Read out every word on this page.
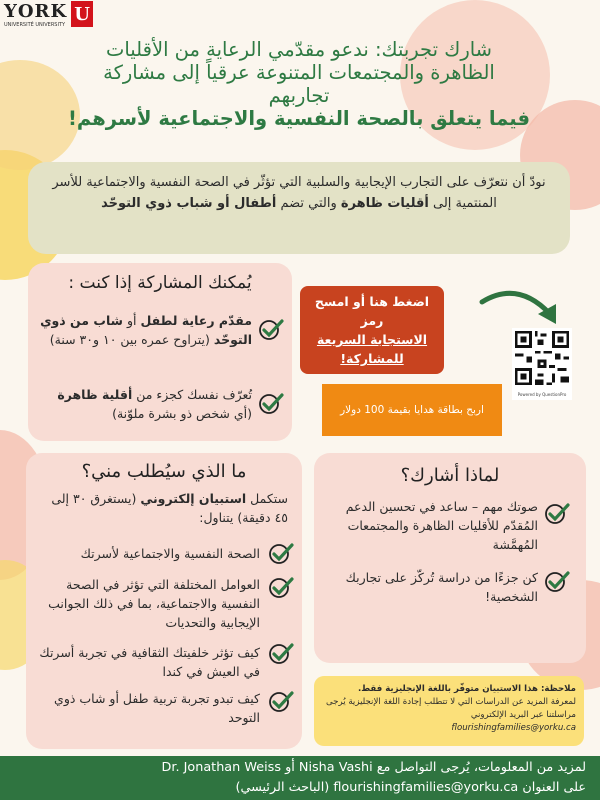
YORK
UNIVERSITÉ UNIVERSITY U
شارك تجربتك: ندعو مقدّمي الرعاية من الأقليات
الظاهرة والمجتمعات المتنوعة عرقياً إلى مشاركة
تجاربهم
فيما يتعلق بالصحة النفسية والاجتماعية لأسرهم!
نودّ أن نتعرّف على التجارب الإيجابية والسلبية التي تؤثّر في الصحة النفسية والاجتماعية للأسر المنتمية إلى أقليات ظاهرة والتي تضم أطفال أو شباب ذوي التوحّد
يُمكنك المشاركة إذا كنت :
مقدّم رعاية لطفل أو شاب من ذوي التوحّد (يتراوح عمره بين ١٠ و٣٠ سنة)
تُعرّف نفسك كجزء من أقلية ظاهرة (أي شخص ذو بشرة ملوّنة)
اضغط هنا أو امسح
رمز
الاستجابة السريعة
للمشاركة!
Powered by QuestionPro
اربح بطاقة هدايا بقيمة 100 دولار
ما الذي سيُطلب مني؟
ستكمل استبيان إلكتروني (يستغرق ٣٠ إلى ٤٥ دقيقة) يتناول:
الصحة النفسية والاجتماعية لأسرتك
العوامل المختلفة التي تؤثر في الصحة النفسية والاجتماعية، بما في ذلك الجوانب الإيجابية والتحديات
كيف تؤثر خلفيتك الثقافية في تجربة أسرتك في العيش في كندا
كيف تبدو تجربة تربية طفل أو شاب ذوي التوحد
لماذا أشارك؟
صوتك مهم – ساعد في تحسين الدعم المُقدّم للأقليات الظاهرة والمجتمعات المُهمَّشة
كن جزءًا من دراسة تُركّز على تجاربك الشخصية!
ملاحظة: هذا الاستبيان متوفّر باللغة الإنجليزية فقط.
لمعرفة المزيد عن الدراسات التي لا تتطلب إجادة اللغة الإنجليزية يُرجى مراسلتنا عبر البريد الإلكتروني
flourishingfamilies@yorku.ca
لمزيد من المعلومات، يُرجى التواصل مع Nisha Vashi أو Dr. Jonathan Weiss
على العنوان flourishingfamilies@yorku.ca (الباحث الرئيسي)
